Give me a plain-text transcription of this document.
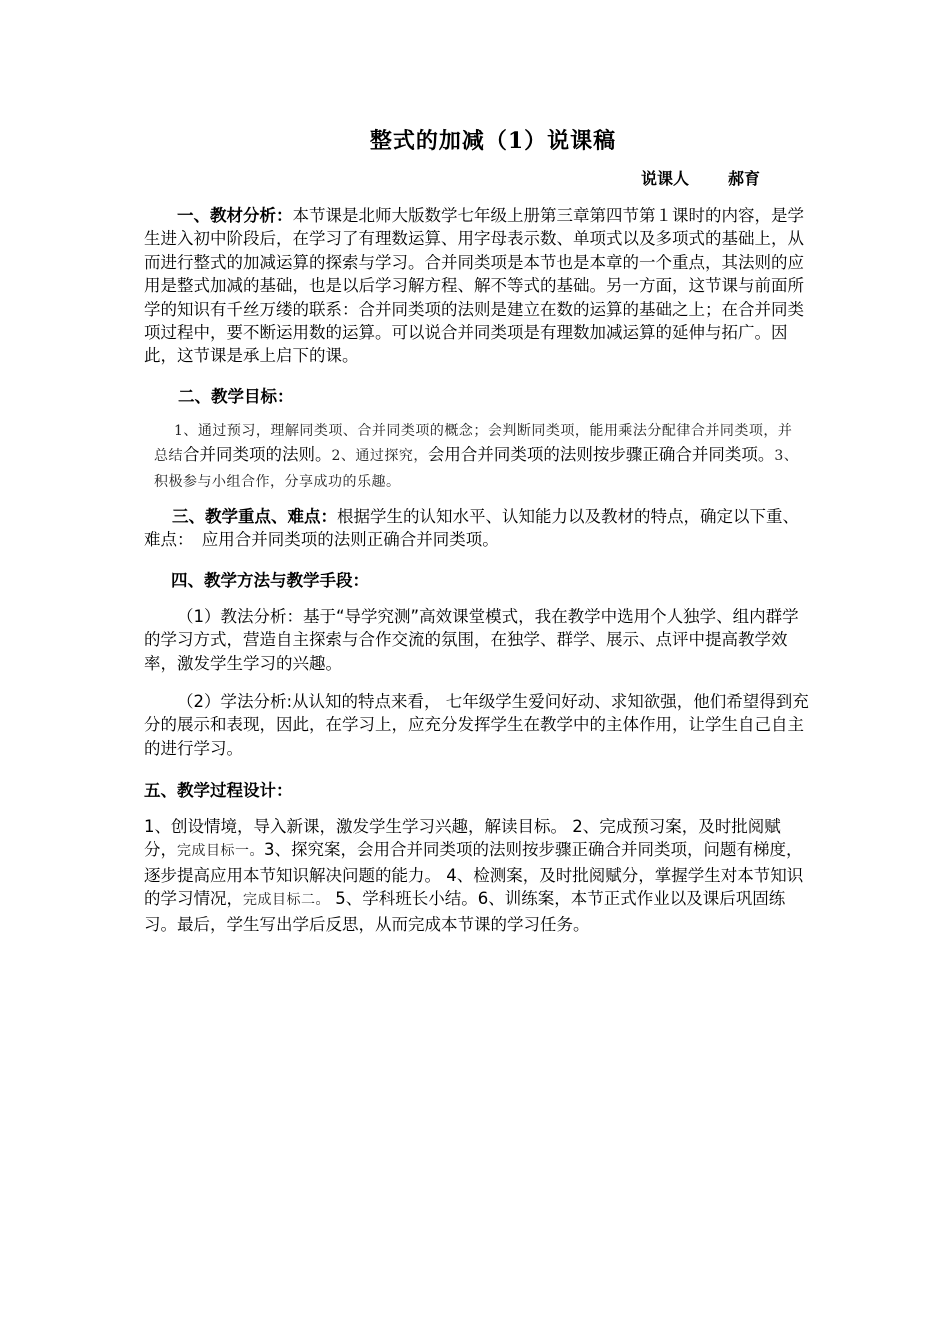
整式的加减（1）说课稿
说课人 郝育

一、教材分析：本节课是北师大版数学七年级上册第三章第四节第１课时的内容，是学生进入初中阶段后，在学习了有理数运算、用字母表示数、单项式以及多项式的基础上，从而进行整式的加减运算的探索与学习。合并同类项是本节也是本章的一个重点，其法则的应用是整式加减的基础，也是以后学习解方程、解不等式的基础。另一方面，这节课与前面所学的知识有千丝万缕的联系：合并同类项的法则是建立在数的运算的基础之上；在合并同类项过程中，要不断运用数的运算。可以说合并同类项是有理数加减运算的延伸与拓广。因此，这节课是承上启下的课。

二、教学目标：

1、通过预习，理解同类项、合并同类项的概念；会判断同类项，能用乘法分配律合并同类项，并总结合并同类项的法则。2、通过探究，会用合并同类项的法则按步骤正确合并同类项。3、积极参与小组合作，分享成功的乐趣。

三、教学重点、难点：根据学生的认知水平、认知能力以及教材的特点，确定以下重、难点：　应用合并同类项的法则正确合并同类项。

四、教学方法与教学手段：

（1）教法分析：基于“导学究测”高效课堂模式，我在教学中选用个人独学、组内群学的学习方式，营造自主探索与合作交流的氛围，在独学、群学、展示、点评中提高教学效率，激发学生学习的兴趣。

（2）学法分析:从认知的特点来看， 七年级学生爱问好动、求知欲强，他们希望得到充分的展示和表现，因此，在学习上，应充分发挥学生在教学中的主体作用，让学生自己自主的进行学习。

五、教学过程设计：

1、创设情境，导入新课，激发学生学习兴趣，解读目标。 2、完成预习案，及时批阅赋分，完成目标一。3、探究案，会用合并同类项的法则按步骤正确合并同类项，问题有梯度，逐步提高应用本节知识解决问题的能力。 4、检测案，及时批阅赋分，掌握学生对本节知识的学习情况，完成目标二。 5、学科班长小结。6、训练案，本节正式作业以及课后巩固练习。最后，学生写出学后反思，从而完成本节课的学习任务。
